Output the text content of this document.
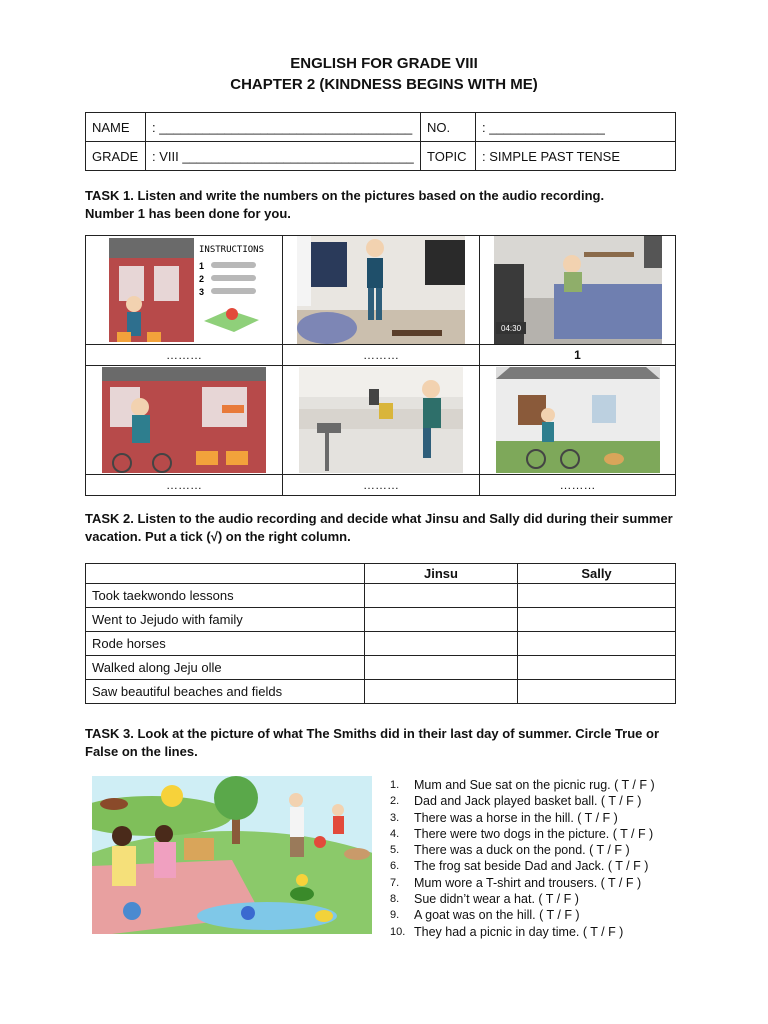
ENGLISH FOR GRADE VIII
CHAPTER 2 (KINDNESS BEGINS WITH ME)
NAME	: ___________________________________	NO.	: ________________
GRADE	: VIII ________________________________	TOPIC	: SIMPLE PAST TENSE
TASK 1. Listen and write the numbers on the pictures based on the audio recording.
Number 1 has been done for you.
INSTRUCTIONS
1
2
3		04:30

………	………	1

………	………	………
TASK 2. Listen to the audio recording and decide what Jinsu and Sally did during their summer
vacation. Put a tick (√) on the right column.
	Jinsu	Sally
Took taekwondo lessons		
Went to Jejudo with family		
Rode horses		
Walked along Jeju olle		
Saw beautiful beaches and fields		
TASK 3. Look at the picture of what The Smiths did in their last day of summer. Circle True or
False on the lines.
1.	Mum and Sue sat on the picnic rug. ( T / F )
2.	Dad and Jack played basket ball. ( T / F )
3.	There was a horse in the hill. ( T / F )
4.	There were two dogs in the picture. ( T / F )
5.	There was a duck on the pond. ( T / F )
6.	The frog sat beside Dad and Jack. ( T / F )
7.	Mum wore a T-shirt and trousers. ( T / F )
8.	Sue didn’t wear a hat. ( T / F )
9.	A goat was on the hill. ( T / F )
10. They had a picnic in day time. ( T / F )
